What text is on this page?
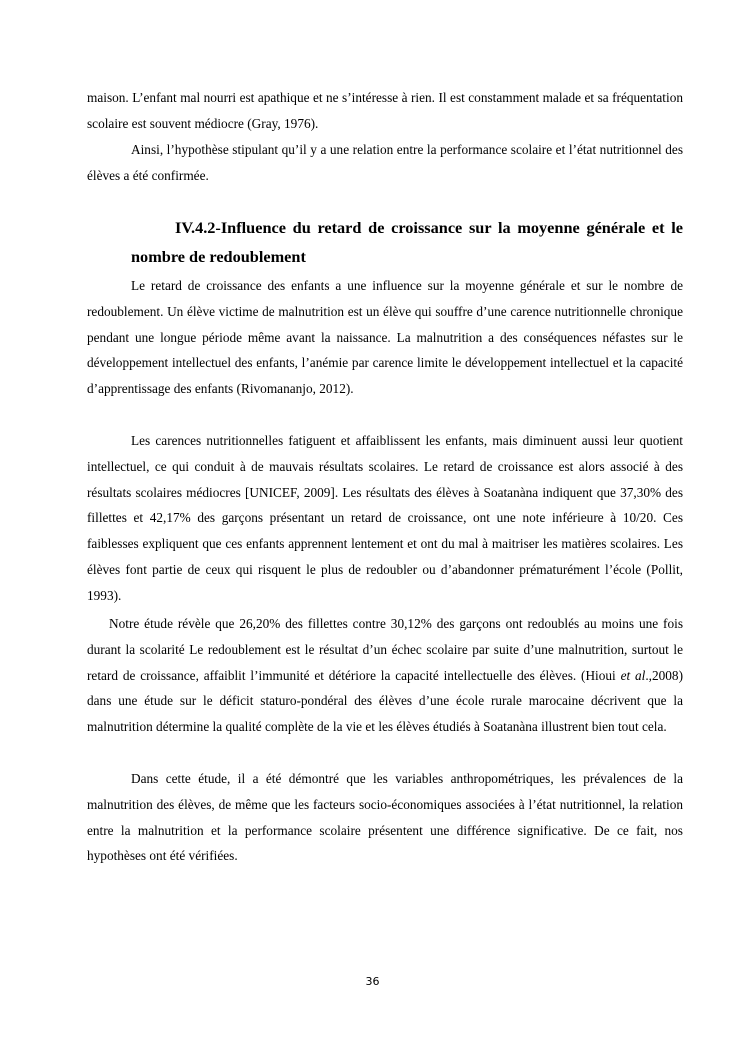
maison. L’enfant mal nourri est apathique et ne s’intéresse à rien. Il est constamment malade et sa fréquentation scolaire est souvent médiocre (Gray, 1976).

Ainsi, l’hypothèse stipulant qu’il y a une relation entre la performance scolaire et l’état nutritionnel des élèves a été confirmée.

IV.4.2-Influence du retard de croissance sur la moyenne générale et le nombre de redoublement

Le retard de croissance des enfants a une influence sur la moyenne générale et sur le nombre de redoublement. Un élève victime de malnutrition est un élève qui souffre d’une carence nutritionnelle chronique pendant une longue période même avant la naissance. La malnutrition a des conséquences néfastes sur le développement intellectuel des enfants, l’anémie par carence limite le développement intellectuel et la capacité d’apprentissage des enfants (Rivomananjo, 2012).

Les carences nutritionnelles fatiguent et affaiblissent les enfants, mais diminuent aussi leur quotient intellectuel, ce qui conduit à de mauvais résultats scolaires. Le retard de croissance est alors associé à des résultats scolaires médiocres [UNICEF, 2009]. Les résultats des élèves à Soatanàna indiquent que 37,30% des fillettes et 42,17% des garçons présentant un retard de croissance, ont une note inférieure à 10/20. Ces faiblesses expliquent que ces enfants apprennent lentement et ont du mal à maitriser les matières scolaires. Les élèves font partie de ceux qui risquent le plus de redoubler ou d’abandonner prématurément l’école (Pollit, 1993).

Notre étude révèle que 26,20% des fillettes contre 30,12% des garçons ont redoublés au moins une fois durant la scolarité Le redoublement est le résultat d’un échec scolaire par suite d’une malnutrition, surtout le retard de croissance, affaiblit l’immunité et détériore la capacité intellectuelle des élèves. (Hioui et al.,2008) dans une étude sur le déficit staturo-pondéral des élèves d’une école rurale marocaine décrivent que la malnutrition détermine la qualité complète de la vie et les élèves étudiés à Soatanàna illustrent bien tout cela.

Dans cette étude, il a été démontré que les variables anthropométriques, les prévalences de la malnutrition des élèves, de même que les facteurs socio-économiques associées à l’état nutritionnel, la relation entre la malnutrition et la performance scolaire présentent une différence significative. De ce fait, nos hypothèses ont été vérifiées.

36
